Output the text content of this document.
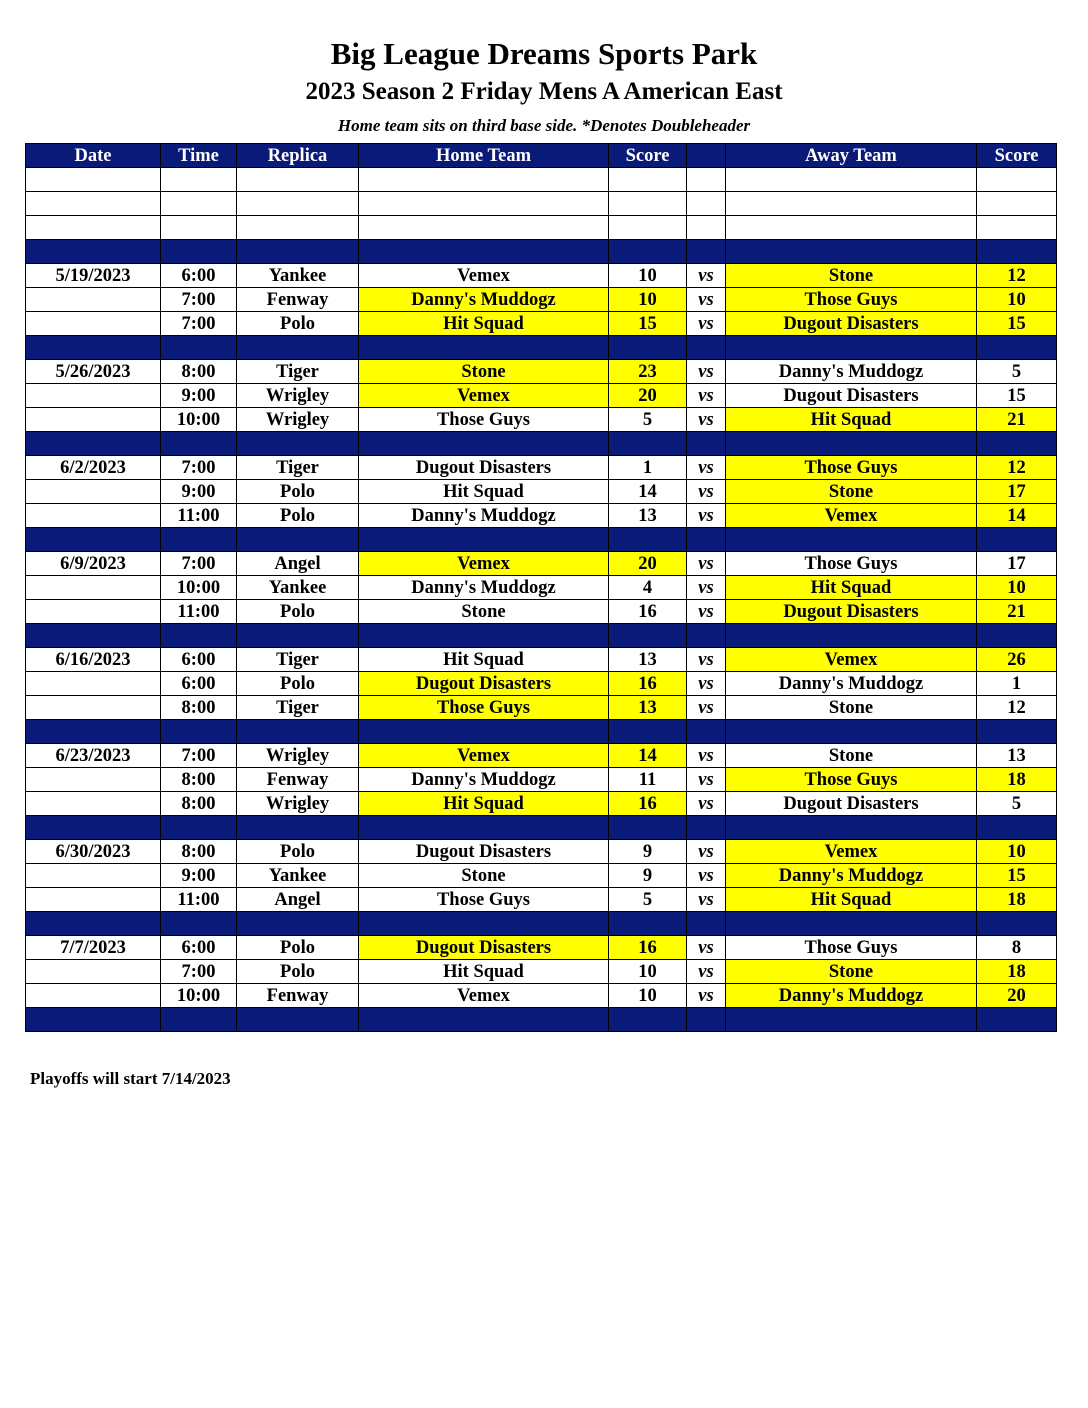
Big League Dreams Sports Park
2023 Season 2 Friday Mens A American East
Home team sits on third base side. *Denotes Doubleheader
Date	Time	Replica	Home Team	Score		Away Team	Score

5/19/2023	6:00	Yankee	Vemex	10	vs	Stone	12
	7:00	Fenway	Danny's Muddogz	10	vs	Those Guys	10
	7:00	Polo	Hit Squad	15	vs	Dugout Disasters	15

5/26/2023	8:00	Tiger	Stone	23	vs	Danny's Muddogz	5
	9:00	Wrigley	Vemex	20	vs	Dugout Disasters	15
	10:00	Wrigley	Those Guys	5	vs	Hit Squad	21

6/2/2023	7:00	Tiger	Dugout Disasters	1	vs	Those Guys	12
	9:00	Polo	Hit Squad	14	vs	Stone	17
	11:00	Polo	Danny's Muddogz	13	vs	Vemex	14

6/9/2023	7:00	Angel	Vemex	20	vs	Those Guys	17
	10:00	Yankee	Danny's Muddogz	4	vs	Hit Squad	10
	11:00	Polo	Stone	16	vs	Dugout Disasters	21

6/16/2023	6:00	Tiger	Hit Squad	13	vs	Vemex	26
	6:00	Polo	Dugout Disasters	16	vs	Danny's Muddogz	1
	8:00	Tiger	Those Guys	13	vs	Stone	12

6/23/2023	7:00	Wrigley	Vemex	14	vs	Stone	13
	8:00	Fenway	Danny's Muddogz	11	vs	Those Guys	18
	8:00	Wrigley	Hit Squad	16	vs	Dugout Disasters	5

6/30/2023	8:00	Polo	Dugout Disasters	9	vs	Vemex	10
	9:00	Yankee	Stone	9	vs	Danny's Muddogz	15
	11:00	Angel	Those Guys	5	vs	Hit Squad	18

7/7/2023	6:00	Polo	Dugout Disasters	16	vs	Those Guys	8
	7:00	Polo	Hit Squad	10	vs	Stone	18
	10:00	Fenway	Vemex	10	vs	Danny's Muddogz	20

Playoffs will start 7/14/2023
